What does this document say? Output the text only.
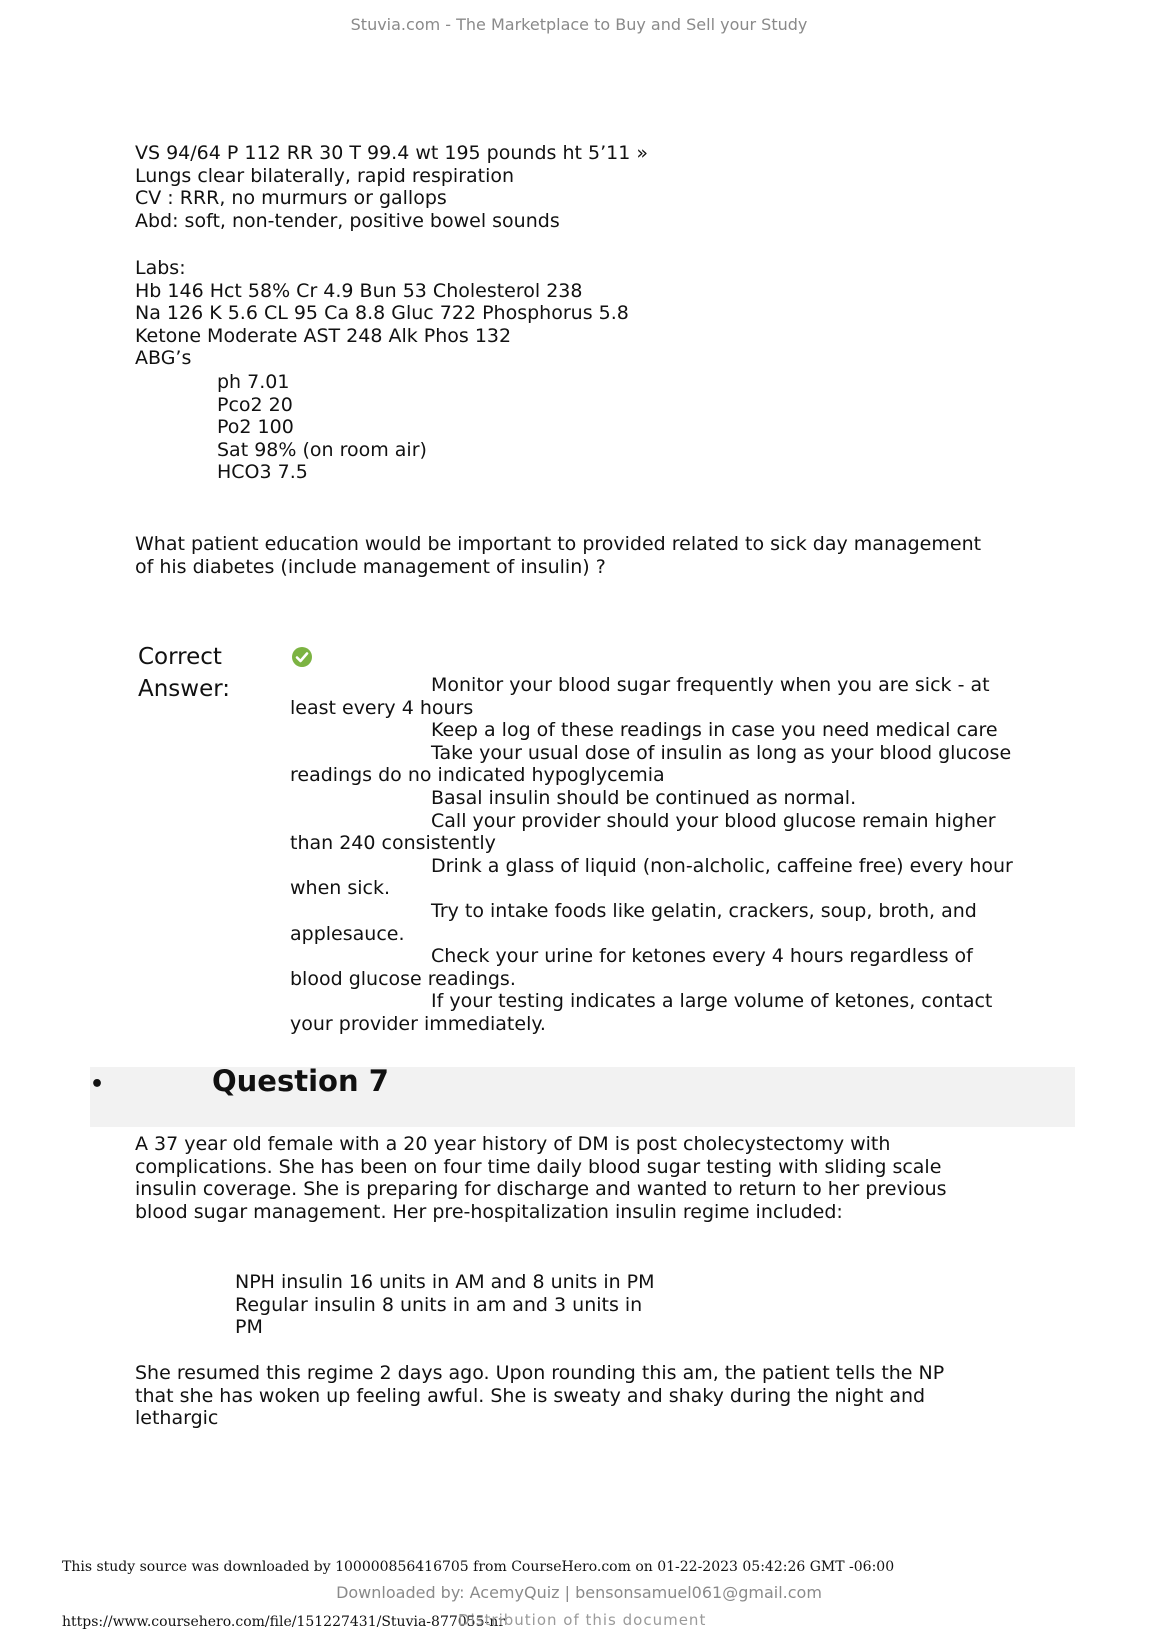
Stuvia.com - The Marketplace to Buy and Sell your Study
VS 94/64 P 112 RR 30 T 99.4 wt 195 pounds ht 5’11 »
Lungs clear bilaterally, rapid respiration
CV : RRR, no murmurs or gallops
Abd: soft, non-tender, positive bowel sounds
Labs:
Hb 146 Hct 58% Cr 4.9 Bun 53 Cholesterol 238
Na 126 K 5.6 CL 95 Ca 8.8 Gluc 722 Phosphorus 5.8
Ketone Moderate AST 248 Alk Phos 132
ABG’s
ph 7.01
Pco2 20
Po2 100
Sat 98% (on room air)
HCO3 7.5
What patient education would be important to provided related to sick day management
of his diabetes (include management of insulin) ?
Correct
Answer:	Monitor your blood sugar frequently when you are sick - at least every 4 hours
Keep a log of these readings in case you need medical care
Take your usual dose of insulin as long as your blood glucose readings do no indicated hypoglycemia
Basal insulin should be continued as normal.
Call your provider should your blood glucose remain higher than 240 consistently
Drink a glass of liquid (non-alcholic, caffeine free) every hour when sick.
Try to intake foods like gelatin, crackers, soup, broth, and applesauce.
Check your urine for ketones every 4 hours regardless of blood glucose readings.
If your testing indicates a large volume of ketones, contact your provider immediately.
•	Question 7
A 37 year old female with a 20 year history of DM is post cholecystectomy with
complications. She has been on four time daily blood sugar testing with sliding scale
insulin coverage. She is preparing for discharge and wanted to return to her previous
blood sugar management. Her pre-hospitalization insulin regime included:
NPH insulin 16 units in AM and 8 units in PM
Regular insulin 8 units in am and 3 units in
PM
She resumed this regime 2 days ago. Upon rounding this am, the patient tells the NP
that she has woken up feeling awful. She is sweaty and shaky during the night and
lethargic
This study source was downloaded by 100000856416705 from CourseHero.com on 01-22-2023 05:42:26 GMT -06:00
Downloaded by: AcemyQuiz | bensonsamuel061@gmail.com
https://www.coursehero.com/file/151227431/Stuvia-877055-nr
Distribution of this document
